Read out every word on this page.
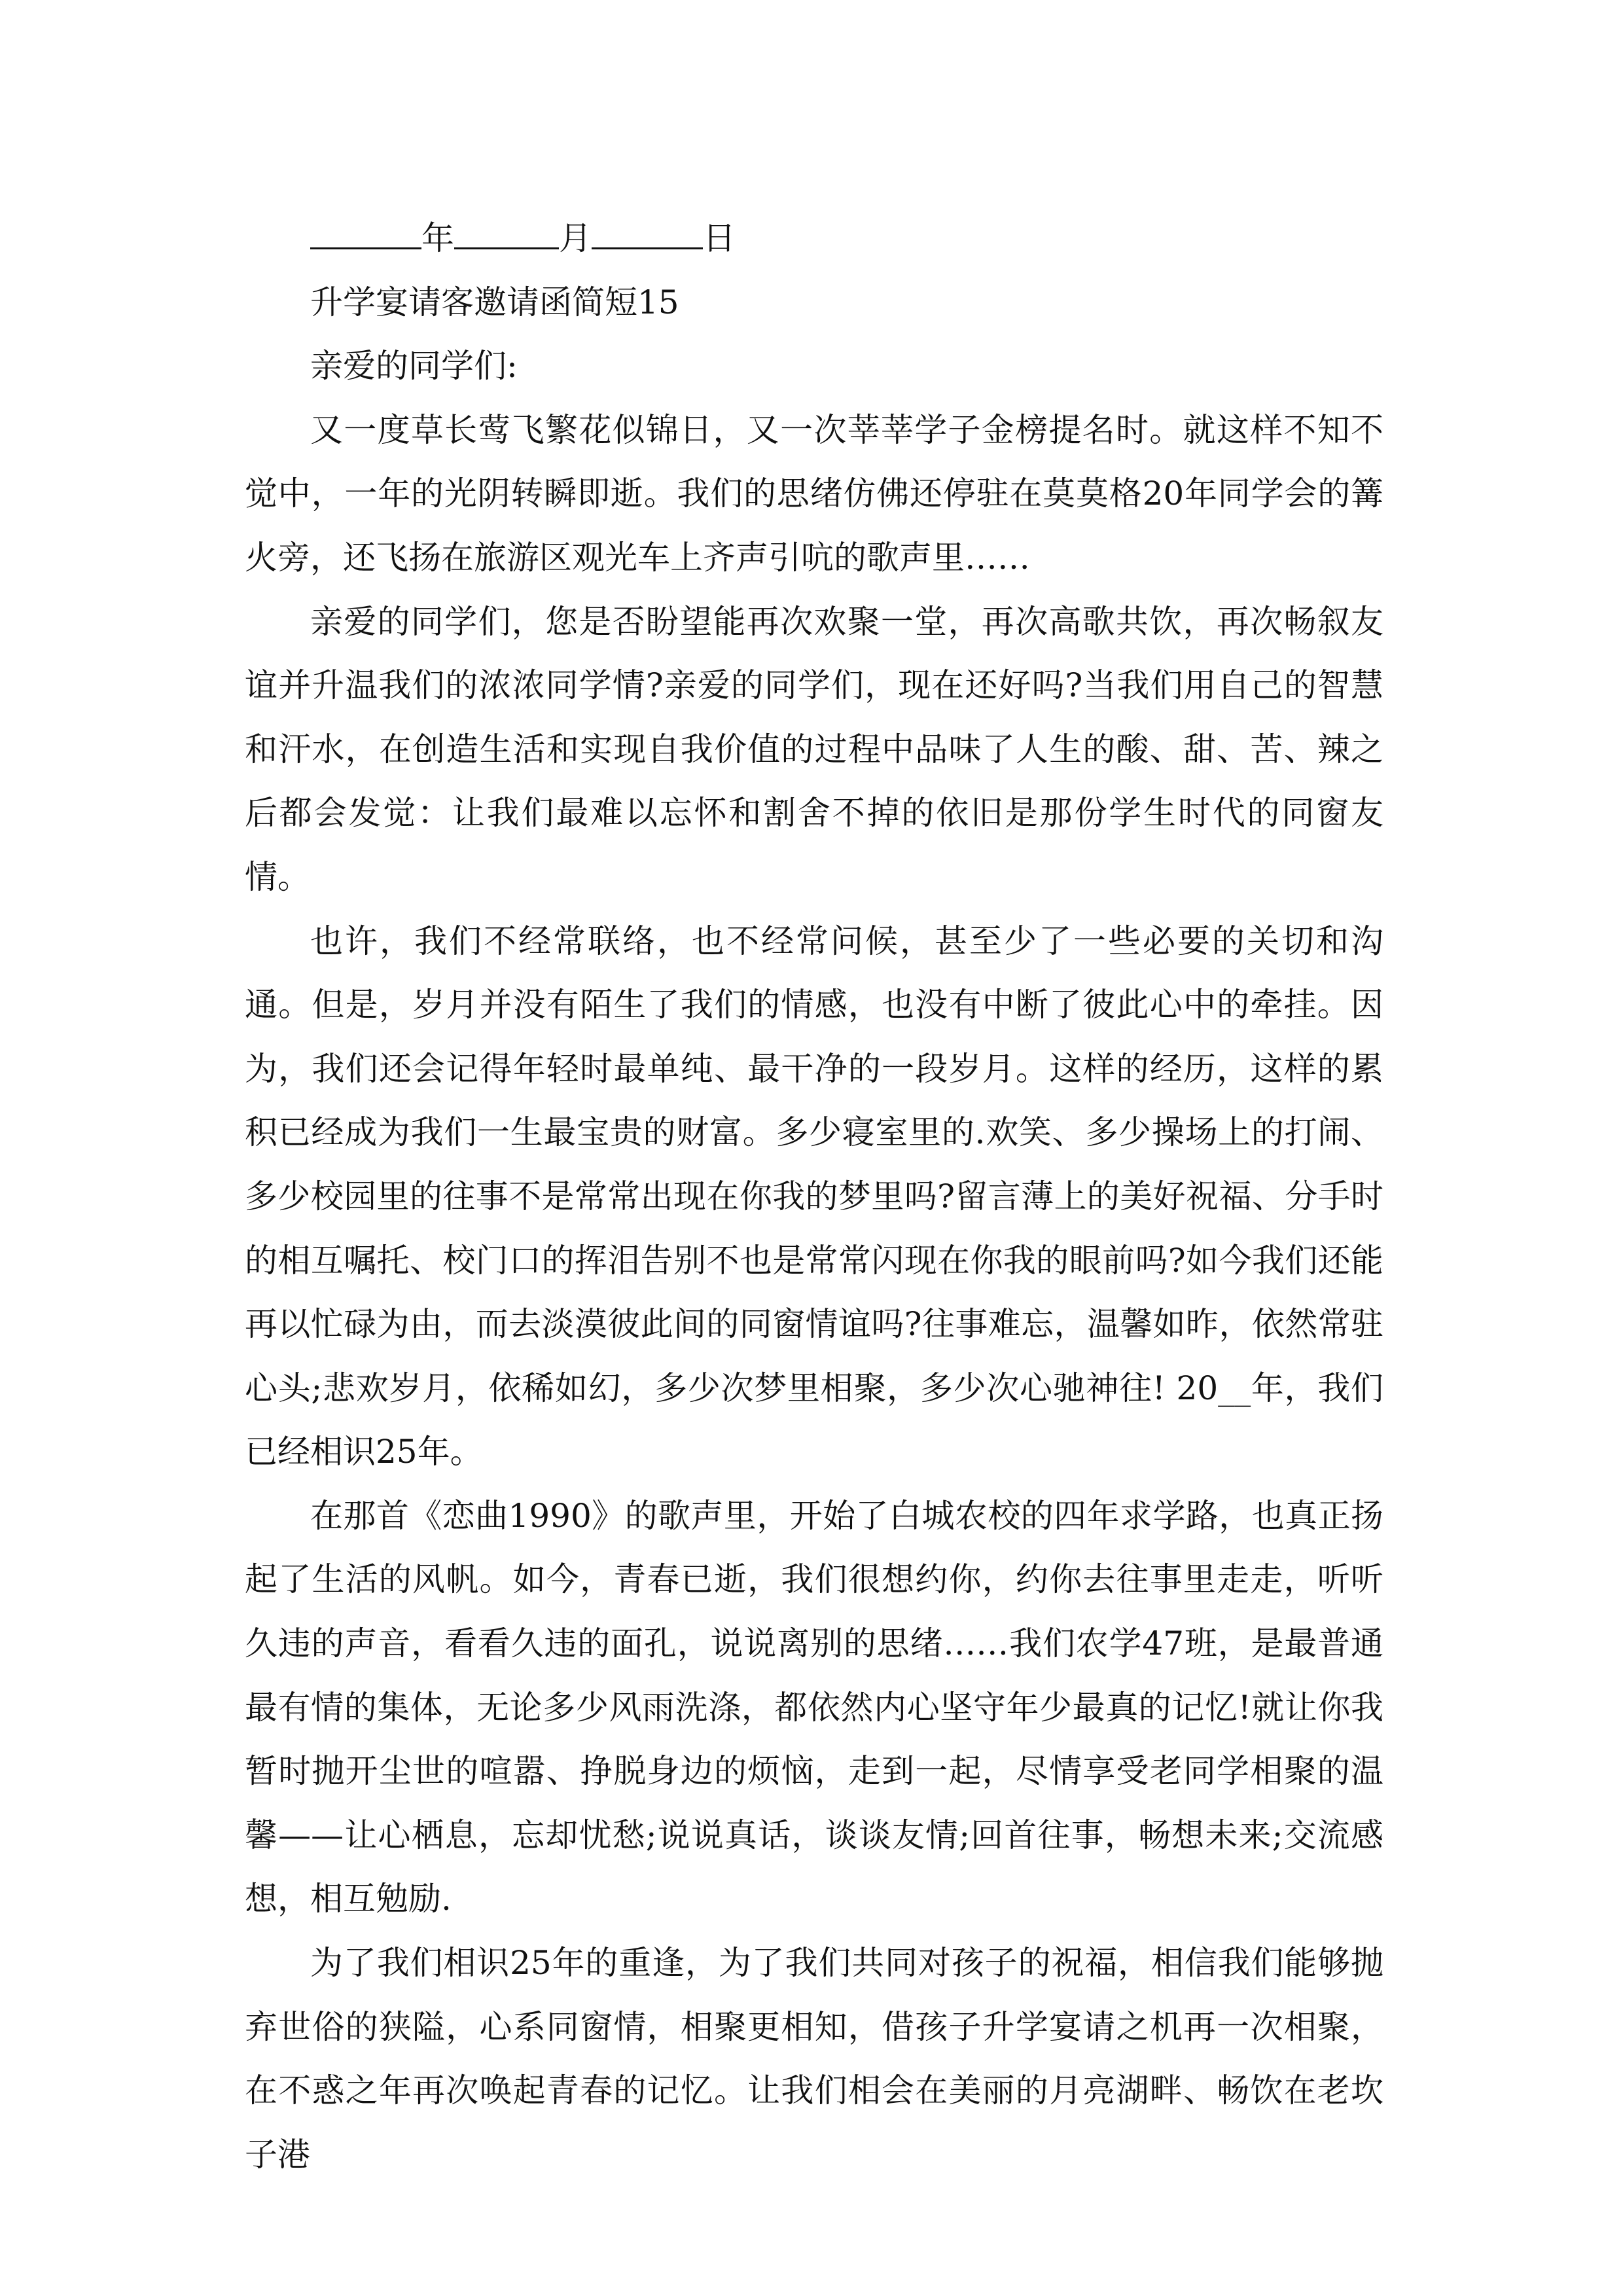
年	月	日

升学宴请客邀请函简短15

亲爱的同学们:

又一度草长莺飞繁花似锦日，又一次莘莘学子金榜提名时。就这样不知不觉中，一年的光阴转瞬即逝。我们的思绪仿佛还停驻在莫莫格20年同学会的篝火旁，还飞扬在旅游区观光车上齐声引吭的歌声里……

亲爱的同学们，您是否盼望能再次欢聚一堂，再次高歌共饮，再次畅叙友谊并升温我们的浓浓同学情?亲爱的同学们，现在还好吗?当我们用自己的智慧和汗水，在创造生活和实现自我价值的过程中品味了人生的酸、甜、苦、辣之后都会发觉：让我们最难以忘怀和割舍不掉的依旧是那份学生时代的同窗友情。

也许，我们不经常联络，也不经常问候，甚至少了一些必要的关切和沟通。但是，岁月并没有陌生了我们的情感，也没有中断了彼此心中的牵挂。因为，我们还会记得年轻时最单纯、最干净的一段岁月。这样的经历，这样的累积已经成为我们一生最宝贵的财富。多少寝室里的.欢笑、多少操场上的打闹、多少校园里的往事不是常常出现在你我的梦里吗?留言薄上的美好祝福、分手时的相互嘱托、校门口的挥泪告别不也是常常闪现在你我的眼前吗?如今我们还能再以忙碌为由，而去淡漠彼此间的同窗情谊吗?往事难忘，温馨如昨，依然常驻心头;悲欢岁月，依稀如幻，多少次梦里相聚，多少次心驰神往! 20__年，我们已经相识25年。

在那首《恋曲1990》的歌声里，开始了白城农校的四年求学路，也真正扬起了生活的风帆。如今，青春已逝，我们很想约你，约你去往事里走走，听听久违的声音，看看久违的面孔，说说离别的思绪……我们农学47班，是最普通最有情的集体，无论多少风雨洗涤，都依然内心坚守年少最真的记忆!就让你我暂时抛开尘世的喧嚣、挣脱身边的烦恼，走到一起，尽情享受老同学相聚的温馨——让心栖息，忘却忧愁;说说真话，谈谈友情;回首往事，畅想未来;交流感想，相互勉励.

为了我们相识25年的重逢，为了我们共同对孩子的祝福，相信我们能够抛弃世俗的狭隘，心系同窗情，相聚更相知，借孩子升学宴请之机再一次相聚，在不惑之年再次唤起青春的记忆。让我们相会在美丽的月亮湖畔、畅饮在老坎子港
